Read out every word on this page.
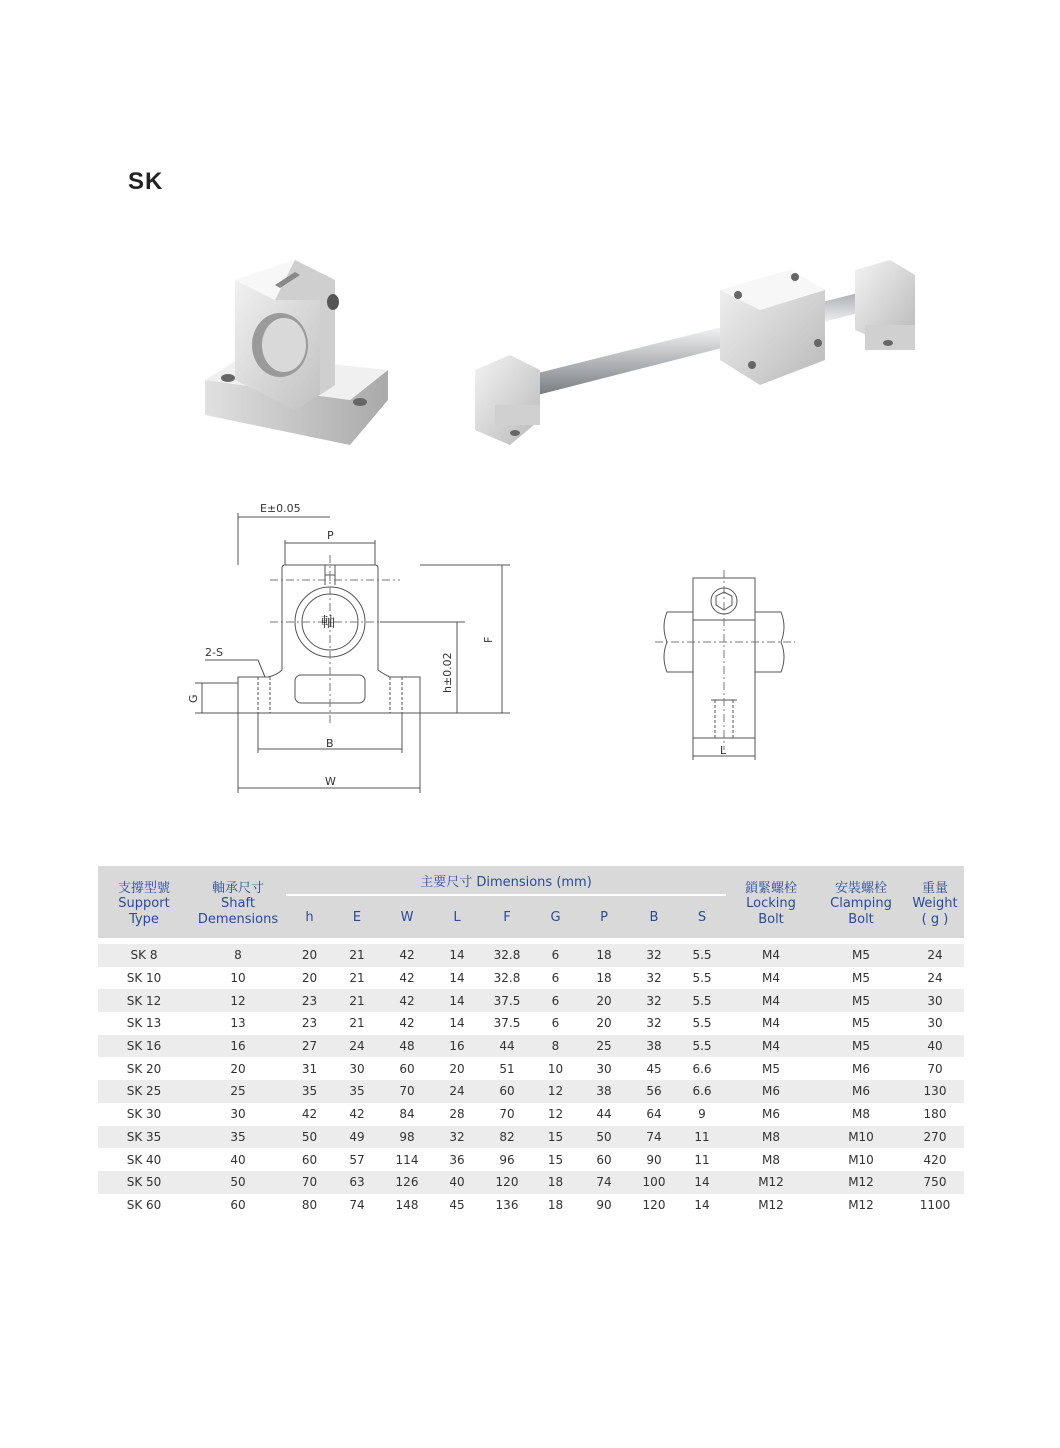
SK
E±0.05
P
F
h±0.02
2-S
G
B
W
軸
L
支撐型號
Support
Type	軸承尺寸
Shaft
Demensions	主要尺寸 Dimensions (mm)									鎖緊螺栓
Locking
Bolt	安裝螺栓
Clamping
Bolt	重量
Weight
( g )

		h	E	W	L	F	G	P	B	S			

SK 8	8	20	21	42	14	32.8	6	18	32	5.5	M4	M5	24
SK 10	10	20	21	42	14	32.8	6	18	32	5.5	M4	M5	24
SK 12	12	23	21	42	14	37.5	6	20	32	5.5	M4	M5	30
SK 13	13	23	21	42	14	37.5	6	20	32	5.5	M4	M5	30
SK 16	16	27	24	48	16	44	8	25	38	5.5	M4	M5	40
SK 20	20	31	30	60	20	51	10	30	45	6.6	M5	M6	70
SK 25	25	35	35	70	24	60	12	38	56	6.6	M6	M6	130
SK 30	30	42	42	84	28	70	12	44	64	9	M6	M8	180
SK 35	35	50	49	98	32	82	15	50	74	11	M8	M10	270
SK 40	40	60	57	114	36	96	15	60	90	11	M8	M10	420
SK 50	50	70	63	126	40	120	18	74	100	14	M12	M12	750
SK 60	60	80	74	148	45	136	18	90	120	14	M12	M12	1100
